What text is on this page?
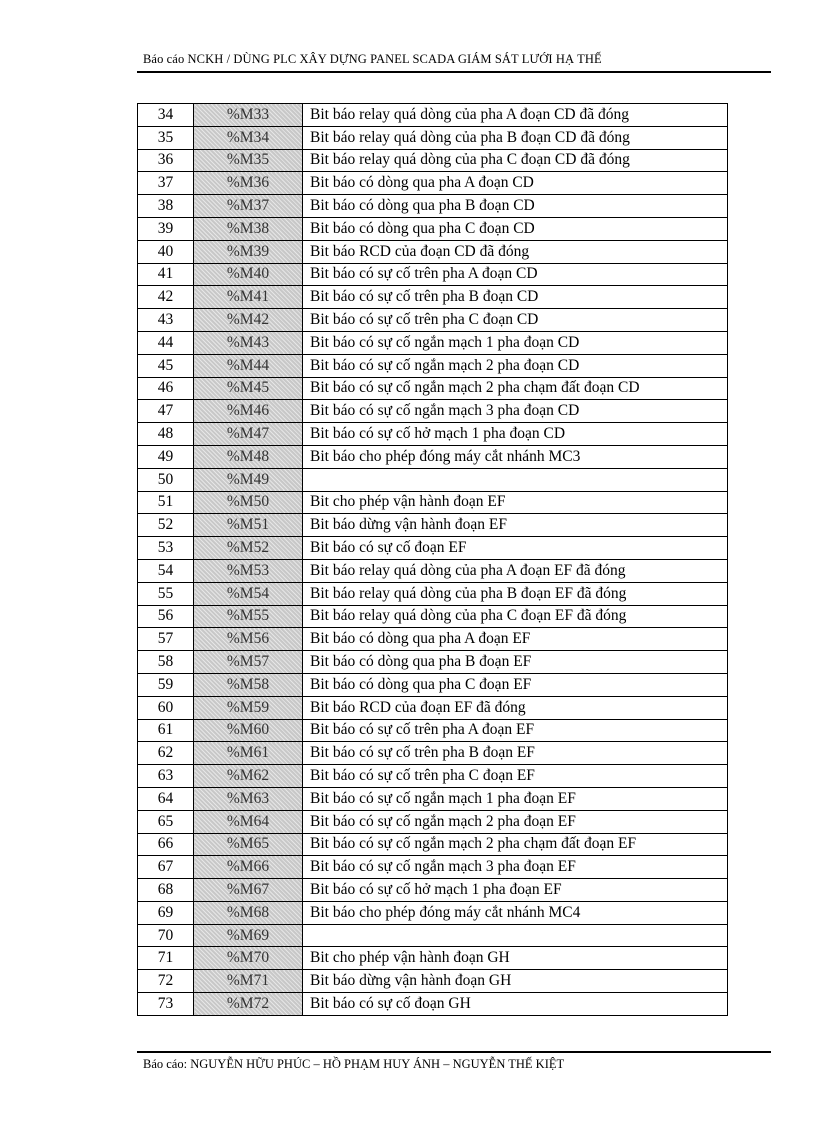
Báo cáo NCKH / DÙNG PLC XÂY DỰNG PANEL SCADA GIÁM SÁT LƯỚI HẠ THẾ
34	%M33	Bit báo relay quá dòng của pha A đoạn CD đã đóng
35	%M34	Bit báo relay quá dòng của pha B đoạn CD đã đóng
36	%M35	Bit báo relay quá dòng của pha C đoạn CD đã đóng
37	%M36	Bit báo có dòng qua pha A đoạn CD
38	%M37	Bit báo có dòng qua pha B đoạn CD
39	%M38	Bit báo có dòng qua pha C đoạn CD
40	%M39	Bit báo RCD của đoạn CD đã đóng
41	%M40	Bit báo có sự cố trên pha A đoạn CD
42	%M41	Bit báo có sự cố trên pha B đoạn CD
43	%M42	Bit báo có sự cố trên pha C đoạn CD
44	%M43	Bit báo có sự cố ngắn mạch 1 pha đoạn CD
45	%M44	Bit báo có sự cố ngắn mạch 2 pha đoạn CD
46	%M45	Bit báo có sự cố ngắn mạch 2 pha chạm đất đoạn CD
47	%M46	Bit báo có sự cố ngắn mạch 3 pha đoạn CD
48	%M47	Bit báo có sự cố hở mạch 1 pha đoạn CD
49	%M48	Bit báo cho phép đóng máy cắt nhánh MC3
50	%M49	
51	%M50	Bit cho phép vận hành đoạn EF
52	%M51	Bit báo dừng vận hành đoạn EF
53	%M52	Bit báo có sự cố đoạn EF
54	%M53	Bit báo relay quá dòng của pha A đoạn EF đã đóng
55	%M54	Bit báo relay quá dòng của pha B đoạn EF đã đóng
56	%M55	Bit báo relay quá dòng của pha C đoạn EF đã đóng
57	%M56	Bit báo có dòng qua pha A đoạn EF
58	%M57	Bit báo có dòng qua pha B đoạn EF
59	%M58	Bit báo có dòng qua pha C đoạn EF
60	%M59	Bit báo RCD của đoạn EF đã đóng
61	%M60	Bit báo có sự cố trên pha A đoạn EF
62	%M61	Bit báo có sự cố trên pha B đoạn EF
63	%M62	Bit báo có sự cố trên pha C đoạn EF
64	%M63	Bit báo có sự cố ngắn mạch 1 pha đoạn EF
65	%M64	Bit báo có sự cố ngắn mạch 2 pha đoạn EF
66	%M65	Bit báo có sự cố ngắn mạch 2 pha chạm đất đoạn EF
67	%M66	Bit báo có sự cố ngắn mạch 3 pha đoạn EF
68	%M67	Bit báo có sự cố hở mạch 1 pha đoạn EF
69	%M68	Bit báo cho phép đóng máy cắt nhánh MC4
70	%M69	
71	%M70	Bit cho phép vận hành đoạn GH
72	%M71	Bit báo dừng vận hành đoạn GH
73	%M72	Bit báo có sự cố đoạn GH
Báo cáo: NGUYỄN HỮU PHÚC – HỒ PHẠM HUY ÁNH – NGUYỄN THẾ KIỆT
